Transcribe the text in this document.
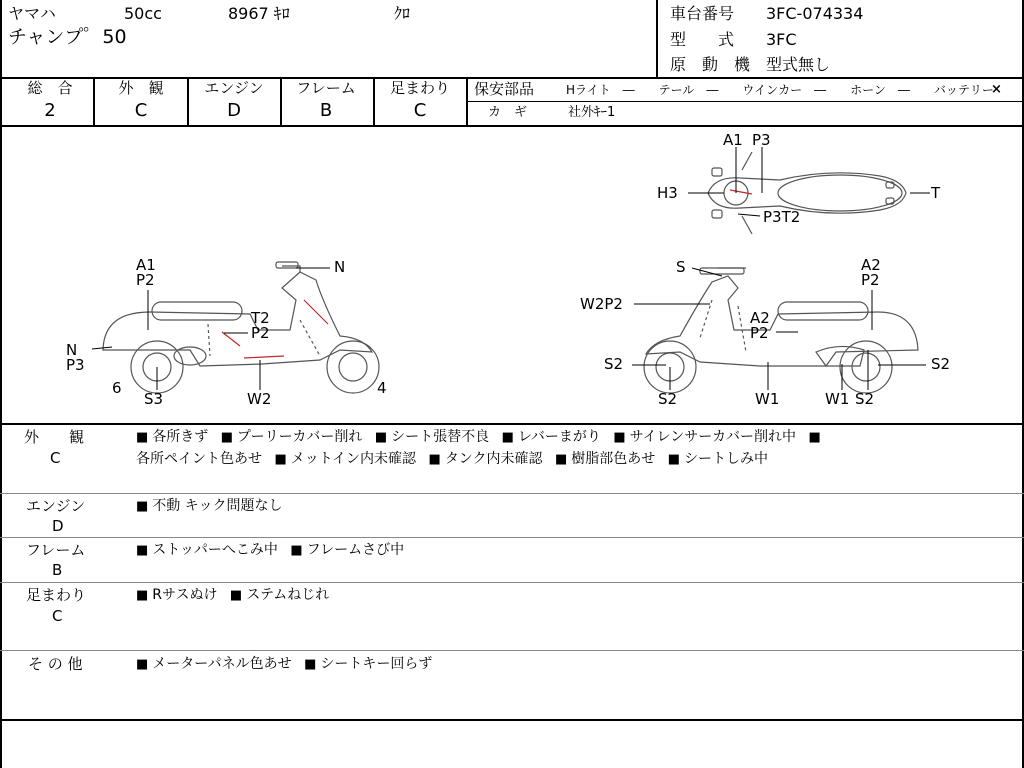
ヤマハ	50cc	8967 ｷﾛ	ｸﾛ
チャンプ゜50
車台番号 3FC-074334
型　　式 3FC
原　動　機 型式無し
総　合	外　観	エンジン	フレーム	足まわり
2	C	D	B	C
保安部品	Hライト　―　　テール　―　　ウインカー　―　　ホーン　―　　バッテリー
×
カ　ギ	社外ｷｰ1
A1 P3
H3	T
P3T2
A1
P2
N
T2
P2
N
P3
6
S3	W2
4
S	A2
P2
W2P2
A2
P2
S2	S2
S2	W1	W1 S2
外　　観
C
■ 各所きず ■ プーリーカバー削れ ■ シート張替不良 ■ レバーまがり ■ サイレンサーカバー削れ中 ■
各所ペイント色あせ ■ メットイン内未確認 ■ タンク内未確認 ■ 樹脂部色あせ ■ シートしみ中
エンジン
D
■ 不動 キック問題なし
フレーム
B
■ ストッパーへこみ中 ■ フレームさび中
足まわり
C
■ Rサスぬけ ■ ステムねじれ
そ の 他	■ メーターパネル色あせ ■ シートキー回らず
